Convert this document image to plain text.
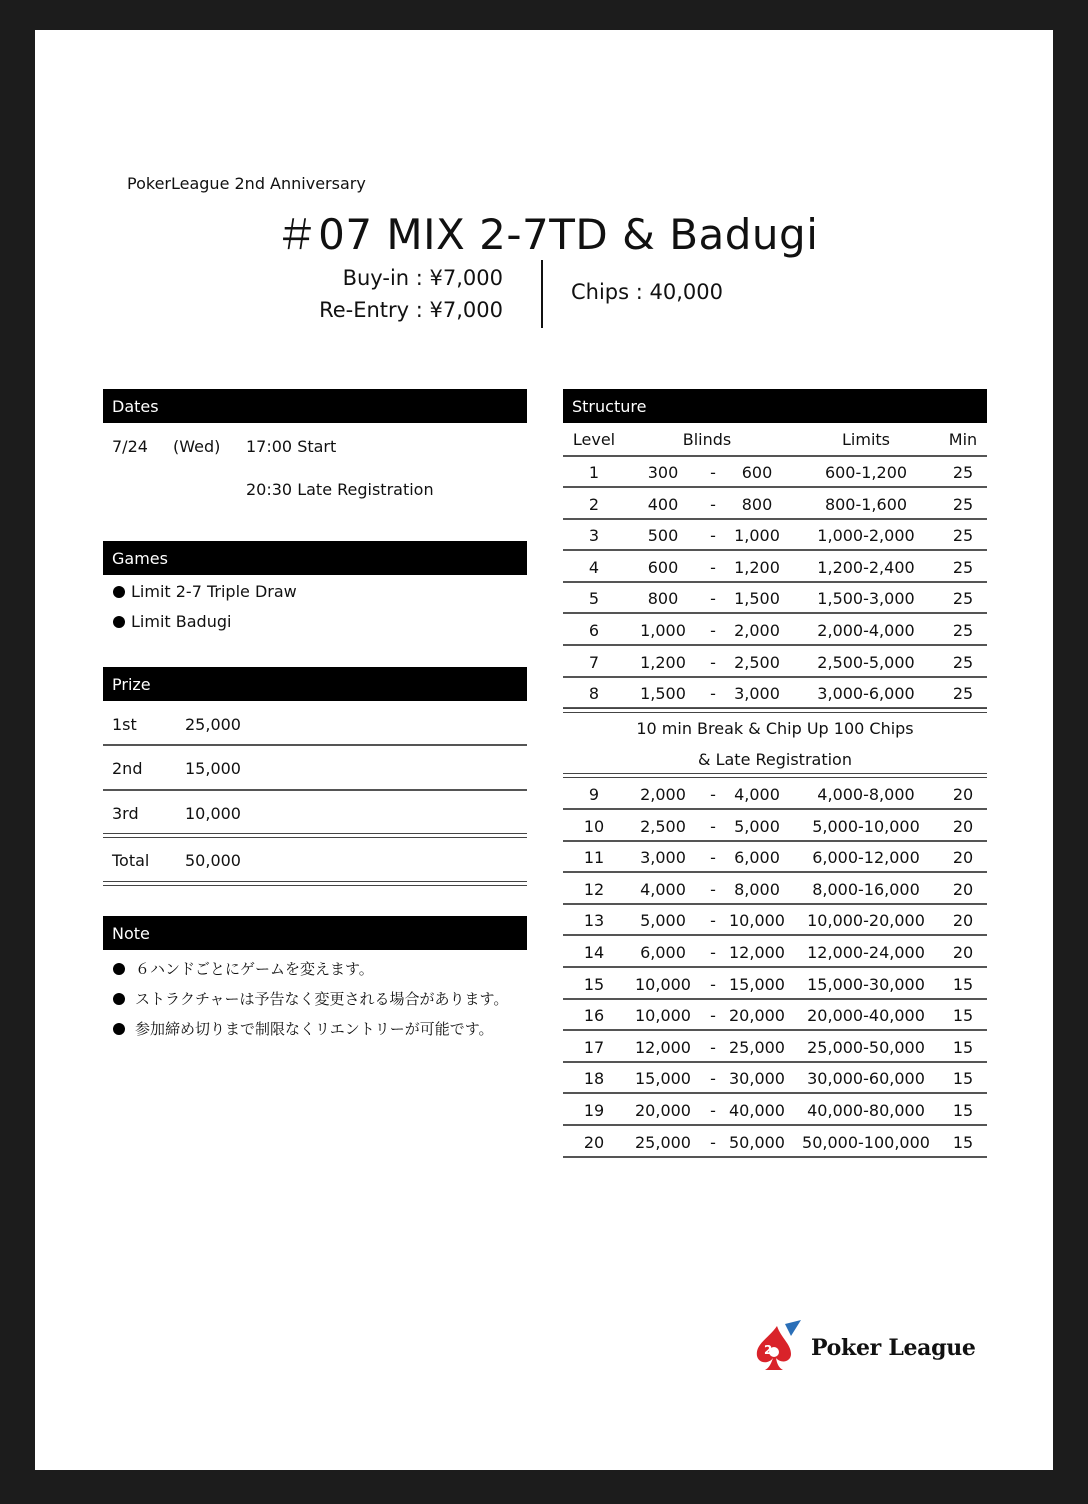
PokerLeague 2nd Anniversary
＃07 MIX 2-7TD & Badugi
Buy-in : ¥7,000
Re-Entry : ¥7,000
Chips : 40,000
Dates
7/24 (Wed) 17:00 Start
20:30 Late Registration
Games
Limit 2-7 Triple Draw
Limit Badugi
Prize
1st	25,000
2nd	15,000
3rd	10,000
Total 50,000
Note
６ハンドごとにゲームを変えます。
ストラクチャーは予告なく変更される場合があります。
参加締め切りまで制限なくリエントリーが可能です。
Structure
Level	Blinds	Limits	Min
1	300	-	600	600-1,200	25
2	400	-	800	800-1,600	25
3	500	-	1,000	1,000-2,000	25
4	600	-	1,200	1,200-2,400	25
5	800	-	1,500	1,500-3,000	25
6	1,000	-	2,000	2,000-4,000	25
7	1,200	-	2,500	2,500-5,000	25
8	1,500	-	3,000	3,000-6,000	25
10 min Break & Chip Up 100 Chips
& Late Registration
9	2,000	-	4,000	4,000-8,000	20
10	2,500	-	5,000	5,000-10,000	20
11	3,000	-	6,000	6,000-12,000	20
12	4,000	-	8,000	8,000-16,000	20
13	5,000	- 10,000	10,000-20,000	20
14	6,000	- 12,000	12,000-24,000	20
15	10,000	- 15,000	15,000-30,000	15
16	10,000	- 20,000	20,000-40,000	15
17	12,000	- 25,000	25,000-50,000	15
18	15,000	- 30,000	30,000-60,000	15
19	20,000	- 40,000	40,000-80,000	15
20	25,000	- 50,000	50,000-100,000	15
2 Poker League
